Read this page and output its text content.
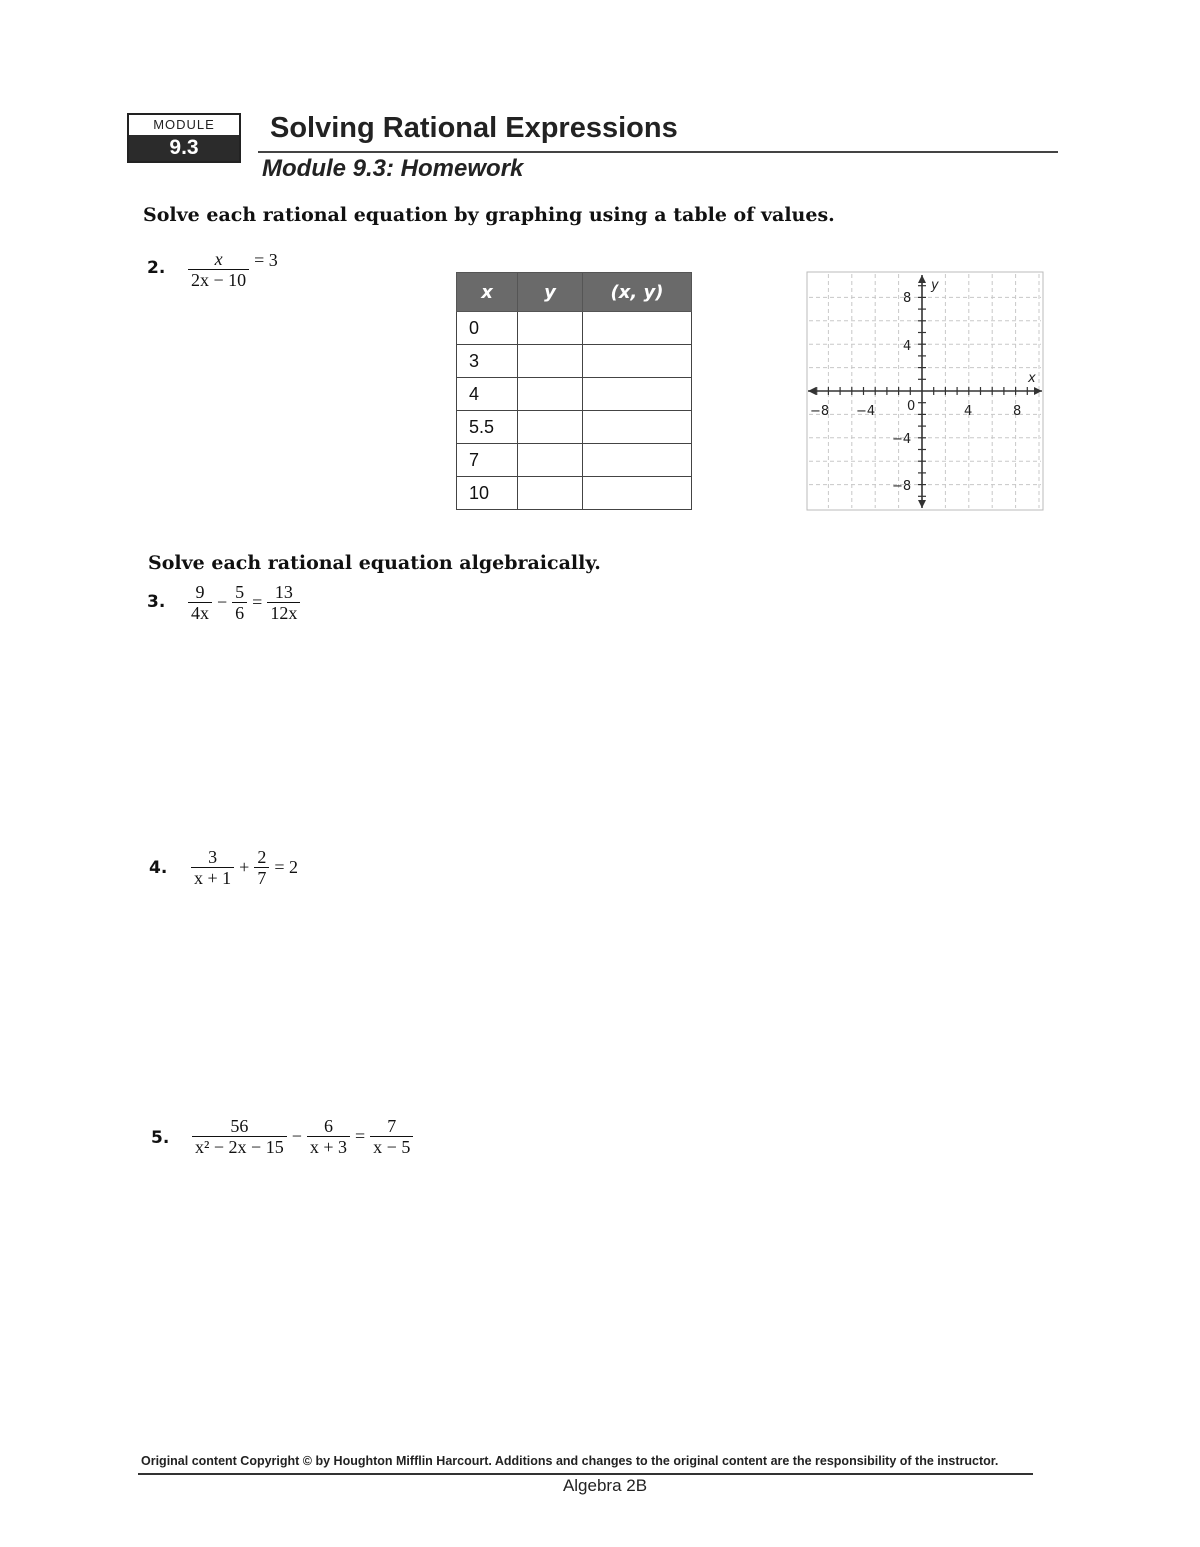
MODULE
9.3
Solving Rational Expressions
Module 9.3: Homework
Solve each rational equation by graphing using a table of values.
2. $\frac{x}{2x - 10} = 3$
x	y	(x, y)
0		
3		
4		
5.5		
7		
10		
−8 −4	4	8
8
4
−4
−8
0
x
y
Solve each rational equation algebraically.
3. $\frac{9}{4x} - \frac{5}{6} = \frac{13}{12x}$
4. $\frac{3}{x + 1} + \frac{2}{7} = 2$
5. $\frac{56}{\text{x² − 2x − 15}} - \frac{6}{x + 3} = \frac{7}{x - 5}$
Original content Copyright © by Houghton Mifflin Harcourt. Additions and changes to the original content are the responsibility of the instructor.
Algebra 2B
